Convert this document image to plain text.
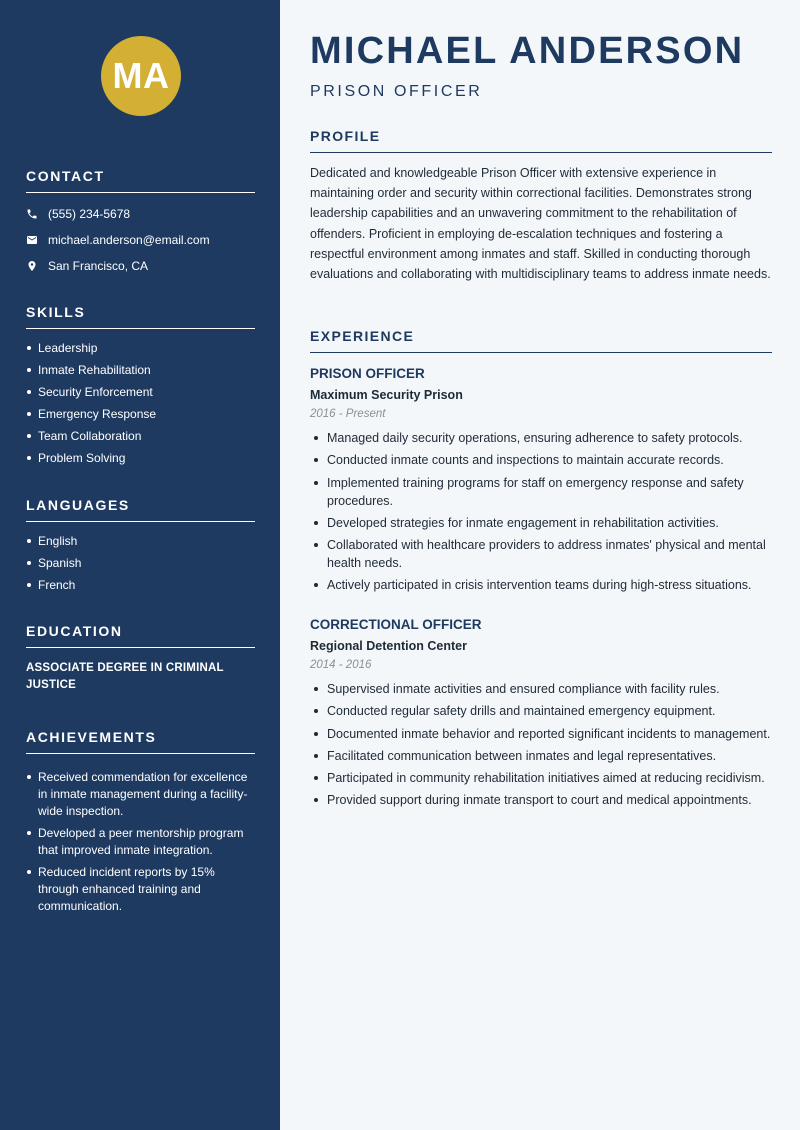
MA
CONTACT
(555) 234-5678
michael.anderson@email.com
San Francisco, CA
SKILLS
Leadership
Inmate Rehabilitation
Security Enforcement
Emergency Response
Team Collaboration
Problem Solving
LANGUAGES
English
Spanish
French
EDUCATION
ASSOCIATE DEGREE IN CRIMINAL JUSTICE
ACHIEVEMENTS
Received commendation for excellence in inmate management during a facility-wide inspection.
Developed a peer mentorship program that improved inmate integration.
Reduced incident reports by 15% through enhanced training and communication.
MICHAEL ANDERSON
PRISON OFFICER
PROFILE

Dedicated and knowledgeable Prison Officer with extensive experience in maintaining order and security within correctional facilities. Demonstrates strong leadership capabilities and an unwavering commitment to the rehabilitation of offenders. Proficient in employing de-escalation techniques and fostering a respectful environment among inmates and staff. Skilled in conducting thorough evaluations and collaborating with multidisciplinary teams to address inmate needs.

EXPERIENCE
PRISON OFFICER
Maximum Security Prison
2016 - Present
Managed daily security operations, ensuring adherence to safety protocols.
Conducted inmate counts and inspections to maintain accurate records.
Implemented training programs for staff on emergency response and safety procedures.
Developed strategies for inmate engagement in rehabilitation activities.
Collaborated with healthcare providers to address inmates' physical and mental health needs.
Actively participated in crisis intervention teams during high-stress situations.
CORRECTIONAL OFFICER
Regional Detention Center
2014 - 2016
Supervised inmate activities and ensured compliance with facility rules.
Conducted regular safety drills and maintained emergency equipment.
Documented inmate behavior and reported significant incidents to management.
Facilitated communication between inmates and legal representatives.
Participated in community rehabilitation initiatives aimed at reducing recidivism.
Provided support during inmate transport to court and medical appointments.
